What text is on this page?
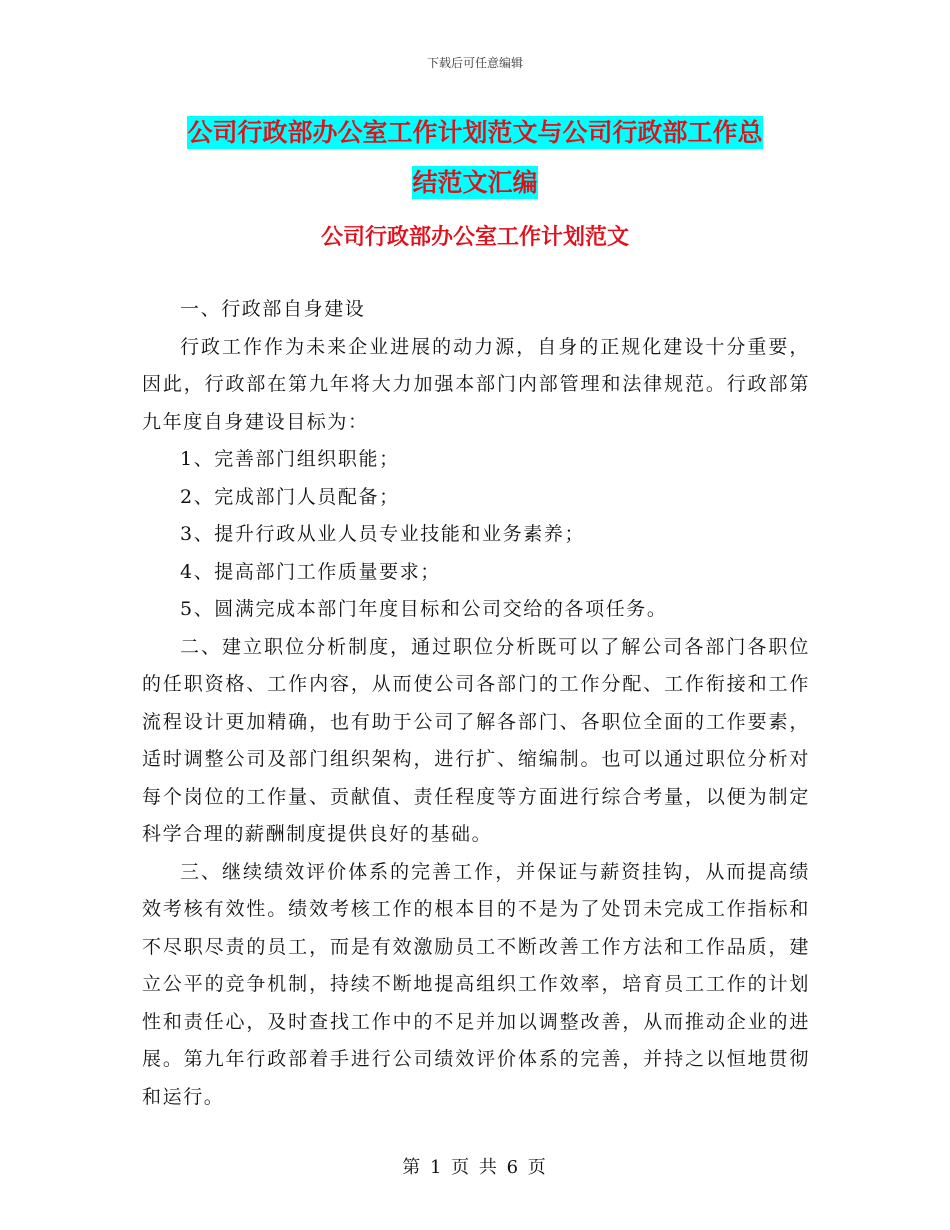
下载后可任意编辑
公司行政部办公室工作计划范文与公司行政部工作总
结范文汇编
公司行政部办公室工作计划范文

一、行政部自身建设

行政工作作为未来企业进展的动力源，自身的正规化建设十分重要，因此，行政部在第九年将大力加强本部门内部管理和法律规范。行政部第九年度自身建设目标为：

1、完善部门组织职能；

2、完成部门人员配备；

3、提升行政从业人员专业技能和业务素养；

4、提高部门工作质量要求；

5、圆满完成本部门年度目标和公司交给的各项任务。

二、建立职位分析制度，通过职位分析既可以了解公司各部门各职位的任职资格、工作内容，从而使公司各部门的工作分配、工作衔接和工作流程设计更加精确，也有助于公司了解各部门、各职位全面的工作要素，适时调整公司及部门组织架构，进行扩、缩编制。也可以通过职位分析对每个岗位的工作量、贡献值、责任程度等方面进行综合考量，以便为制定科学合理的薪酬制度提供良好的基础。

三、继续绩效评价体系的完善工作，并保证与薪资挂钩，从而提高绩效考核有效性。绩效考核工作的根本目的不是为了处罚未完成工作指标和不尽职尽责的员工，而是有效激励员工不断改善工作方法和工作品质，建立公平的竞争机制，持续不断地提高组织工作效率，培育员工工作的计划性和责任心，及时查找工作中的不足并加以调整改善，从而推动企业的进展。第九年行政部着手进行公司绩效评价体系的完善，并持之以恒地贯彻和运行。

第 1 页 共 6 页
